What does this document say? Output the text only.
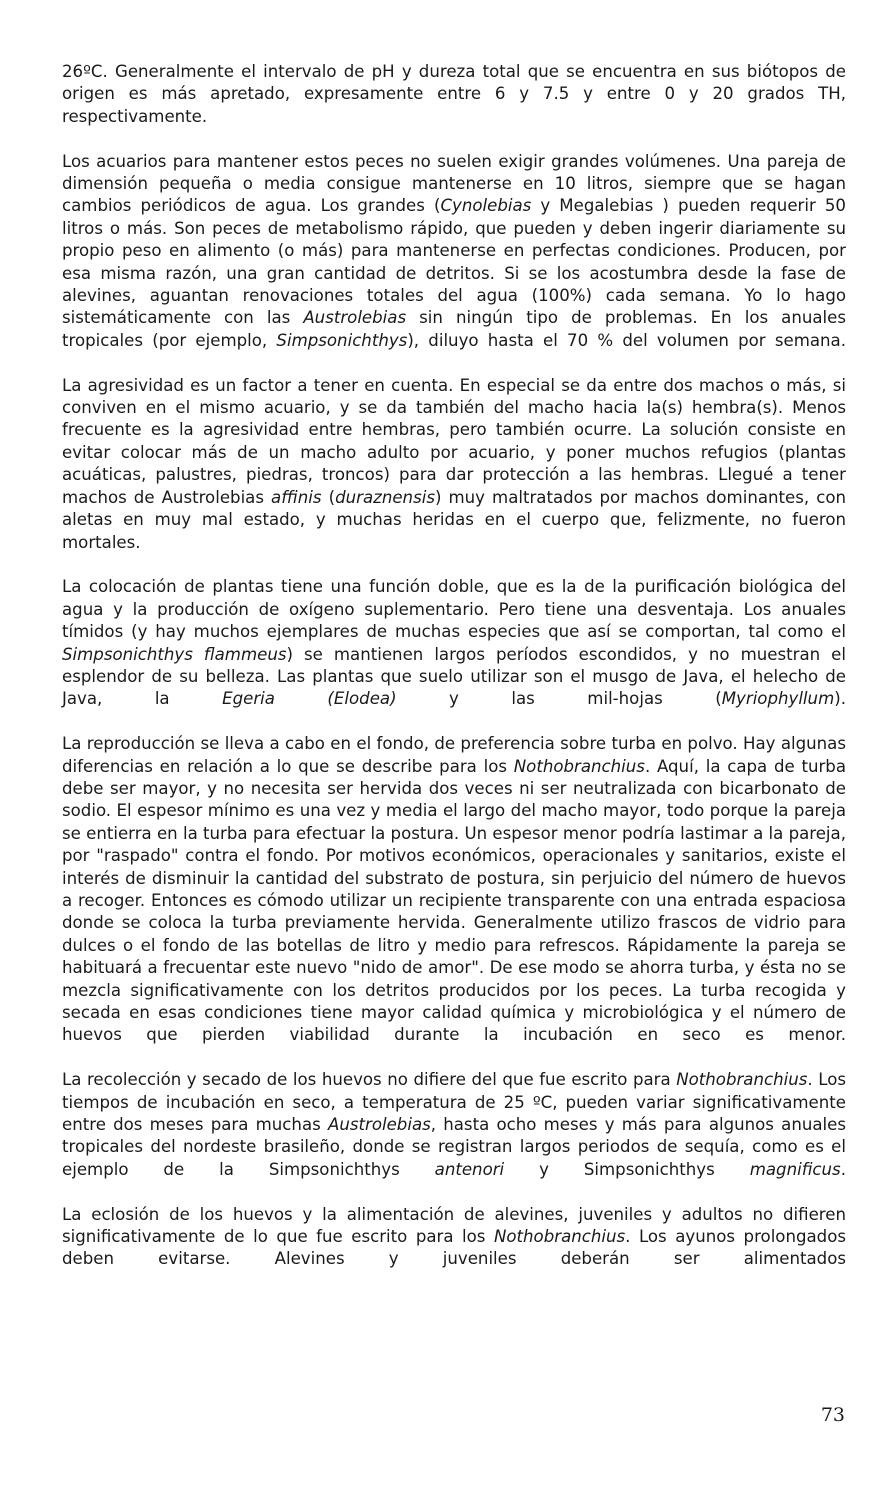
26ºC. Generalmente el intervalo de pH y dureza total que se encuentra en sus biótopos de origen es más apretado, expresamente entre 6 y 7.5 y entre 0 y 20 grados TH, respectivamente.

Los acuarios para mantener estos peces no suelen exigir grandes volúmenes. Una pareja de dimensión pequeña o media consigue mantenerse en 10 litros, siempre que se hagan cambios periódicos de agua. Los grandes (Cynolebias y Megalebias ) pueden requerir 50 litros o más. Son peces de metabolismo rápido, que pueden y deben ingerir diariamente su propio peso en alimento (o más) para mantenerse en perfectas condiciones. Producen, por esa misma razón, una gran cantidad de detritos. Si se los acostumbra desde la fase de alevines, aguantan renovaciones totales del agua (100%) cada semana. Yo lo hago sistemáticamente con las Austrolebias sin ningún tipo de problemas. En los anuales tropicales (por ejemplo, Simpsonichthys), diluyo hasta el 70 % del volumen por semana.

La agresividad es un factor a tener en cuenta. En especial se da entre dos machos o más, si conviven en el mismo acuario, y se da también del macho hacia la(s) hembra(s). Menos frecuente es la agresividad entre hembras, pero también ocurre. La solución consiste en evitar colocar más de un macho adulto por acuario, y poner muchos refugios (plantas acuáticas, palustres, piedras, troncos) para dar protección a las hembras. Llegué a tener machos de Austrolebias affinis (duraznensis) muy maltratados por machos dominantes, con aletas en muy mal estado, y muchas heridas en el cuerpo que, felizmente, no fueron mortales.

La colocación de plantas tiene una función doble, que es la de la purificación biológica del agua y la producción de oxígeno suplementario. Pero tiene una desventaja. Los anuales tímidos (y hay muchos ejemplares de muchas especies que así se comportan, tal como el Simpsonichthys flammeus) se mantienen largos períodos escondidos, y no muestran el esplendor de su belleza. Las plantas que suelo utilizar son el musgo de Java, el helecho de Java, la Egeria (Elodea) y las mil-hojas (Myriophyllum).

La reproducción se lleva a cabo en el fondo, de preferencia sobre turba en polvo. Hay algunas diferencias en relación a lo que se describe para los Nothobranchius. Aquí, la capa de turba debe ser mayor, y no necesita ser hervida dos veces ni ser neutralizada con bicarbonato de sodio. El espesor mínimo es una vez y media el largo del macho mayor, todo porque la pareja se entierra en la turba para efectuar la postura. Un espesor menor podría lastimar a la pareja, por "raspado" contra el fondo. Por motivos económicos, operacionales y sanitarios, existe el interés de disminuir la cantidad del substrato de postura, sin perjuicio del número de huevos a recoger. Entonces es cómodo utilizar un recipiente transparente con una entrada espaciosa donde se coloca la turba previamente hervida. Generalmente utilizo frascos de vidrio para dulces o el fondo de las botellas de litro y medio para refrescos. Rápidamente la pareja se habituará a frecuentar este nuevo "nido de amor". De ese modo se ahorra turba, y ésta no se mezcla significativamente con los detritos producidos por los peces. La turba recogida y secada en esas condiciones tiene mayor calidad química y microbiológica y el número de huevos que pierden viabilidad durante la incubación en seco es menor.

La recolección y secado de los huevos no difiere del que fue escrito para Nothobranchius. Los tiempos de incubación en seco, a temperatura de 25 ºC, pueden variar significativamente entre dos meses para muchas Austrolebias, hasta ocho meses y más para algunos anuales tropicales del nordeste brasileño, donde se registran largos periodos de sequía, como es el ejemplo de la Simpsonichthys antenori y Simpsonichthys magnificus.

La eclosión de los huevos y la alimentación de alevines, juveniles y adultos no difieren significativamente de lo que fue escrito para los Nothobranchius. Los ayunos prolongados deben evitarse. Alevines y juveniles deberán ser alimentados

73
